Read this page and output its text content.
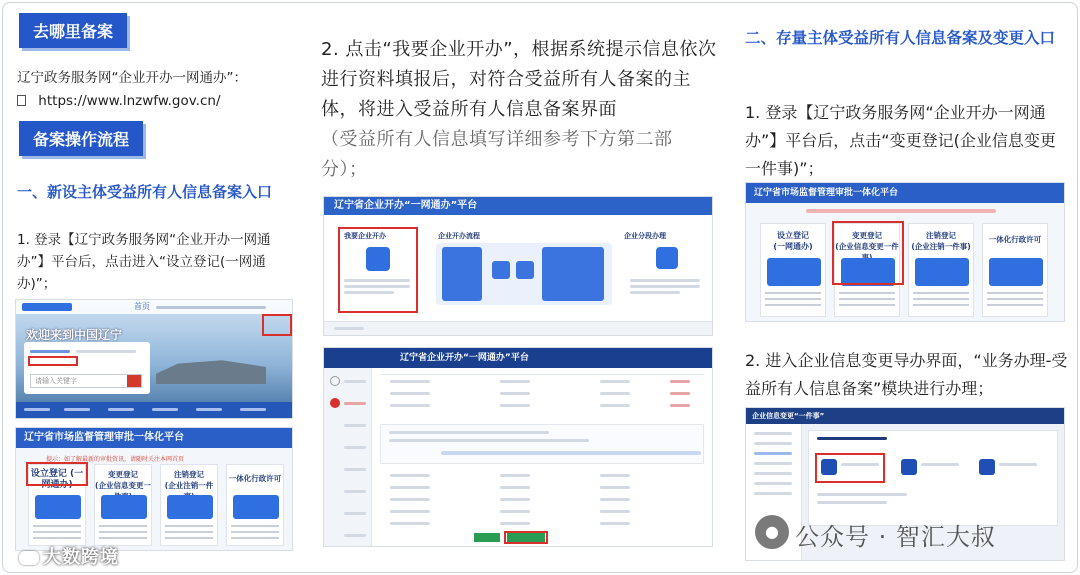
去哪里备案
辽宁政务服务网“企业开办一网通办”：
https://www.lnzwfw.gov.cn/
备案操作流程
一、新设主体受益所有人信息备案入口
1. 登录【辽宁政务服务网“企业开办一网通办”】平台后，点击进入“设立登记(一网通办)”；
首页
欢迎来到中国辽宁
请输入关键字
辽宁省市场监督管理审批一体化平台
提示：如了解最新的审批资讯，请随时关注本网首页
设立登记 (一网通办)
变更登记
(企业信息变更一
注销登记
(企业注销一件
一体化行政许可
大数跨境
2. 点击“我要企业开办”，根据系统提示信息依次进行资料填报后，对符合受益所有人备案的主体，将进入受益所有人信息备案界面
（受益所有人信息填写详细参考下方第二部分）；
辽宁省企业开办“一网通办”平台
我要企业开办	企业开办流程	企业分段办理
辽宁省企业开办“一网通办”平台
二、存量主体受益所有人信息备案及变更入口
1. 登录【辽宁政务服务网“企业开办一网通办”】平台后，点击“变更登记(企业信息变更一件事)”；
辽宁省市场监督管理审批一体化平台
设立登记
(一网通办)
变更登记
(企业信息变更一件
注销登记
(企业注销一件事)
一体化行政许可
2. 进入企业信息变更导办界面，“业务办理-受益所有人信息备案”模块进行办理；
企业信息变更“一件事”
● 公众号 · 智汇大叔
